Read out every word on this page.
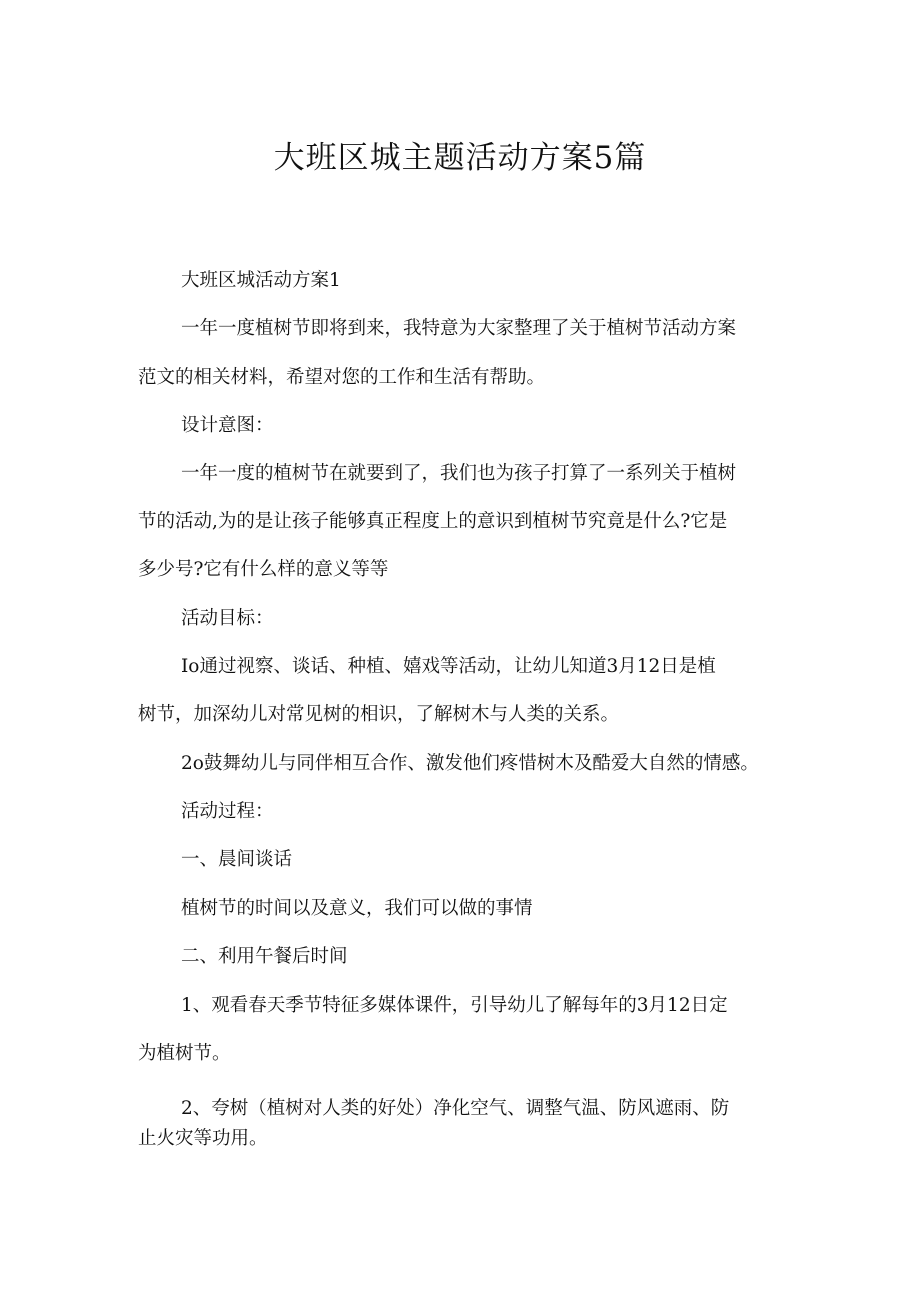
大班区城主题活动方案5篇

大班区城活动方案1

一年一度植树节即将到来，我特意为大家整理了关于植树节活动方案

范文的相关材料，希望对您的工作和生活有帮助。

设计意图：

一年一度的植树节在就要到了，我们也为孩子打算了一系列关于植树

节的活动,为的是让孩子能够真正程度上的意识到植树节究竟是什么?它是

多少号?它有什么样的意义等等

活动目标：

Io通过视察、谈话、种植、嬉戏等活动，让幼儿知道3月12日是植

树节，加深幼儿对常见树的相识，了解树木与人类的关系。

2o鼓舞幼儿与同伴相互合作、激发他们疼惜树木及酷爱大自然的情感。

活动过程：

一、晨间谈话

植树节的时间以及意义，我们可以做的事情

二、利用午餐后时间

1、观看春天季节特征多媒体课件，引导幼儿了解每年的3月12日定

为植树节。

2、夸树（植树对人类的好处）净化空气、调整气温、防风遮雨、防

止火灾等功用。
